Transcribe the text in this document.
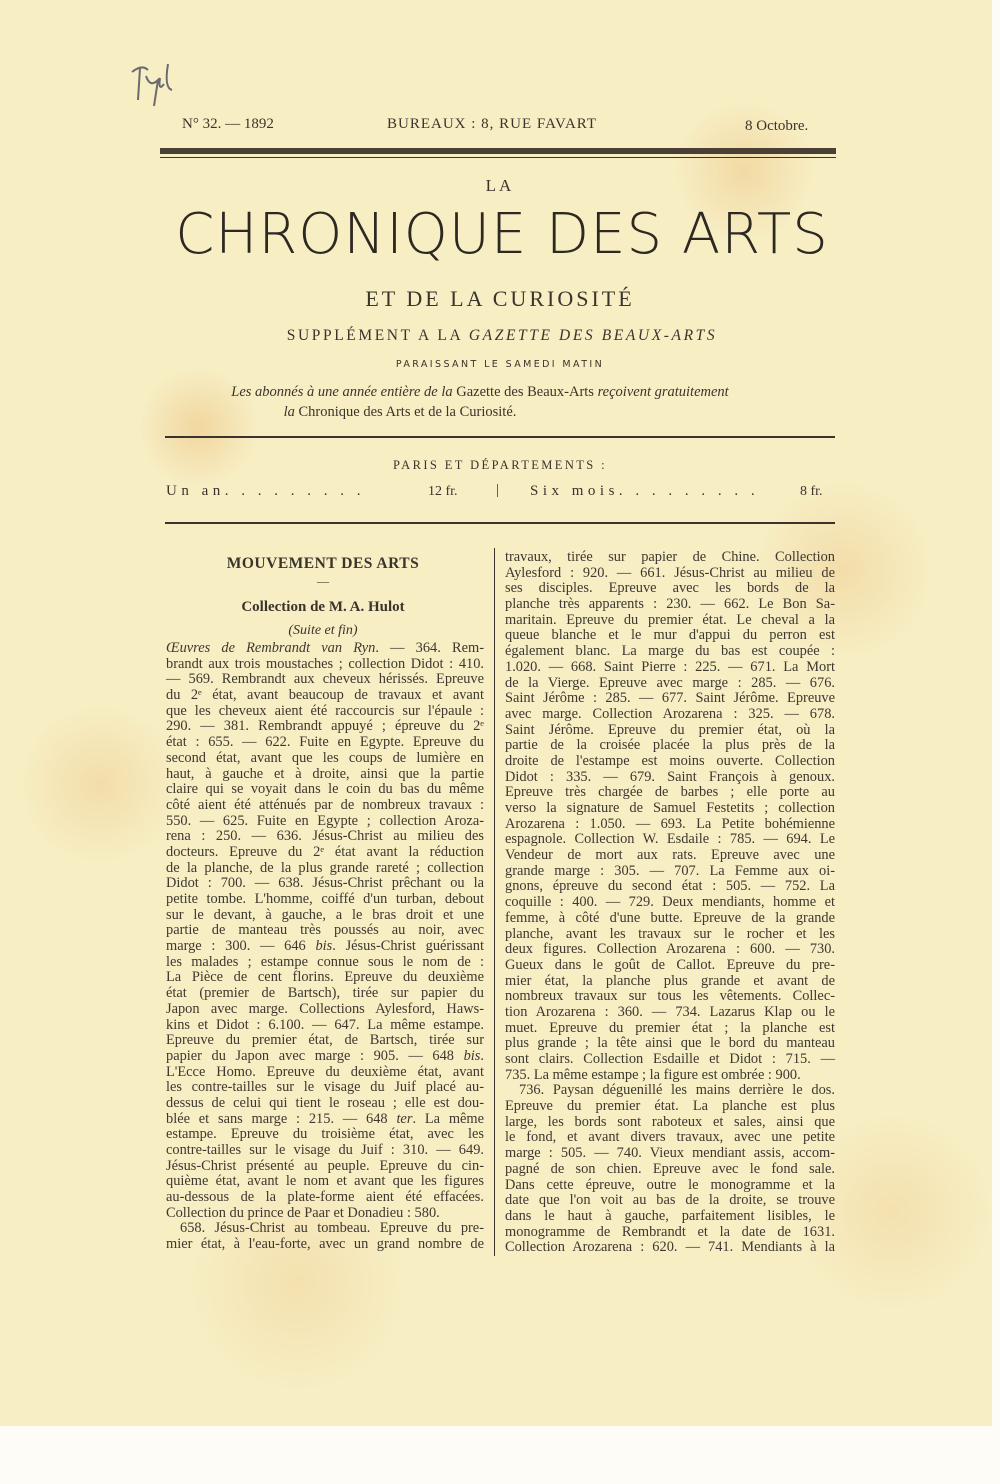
N° 32. — 1892	BUREAUX : 8, RUE FAVART	8 Octobre.
LA
CHRONIQUE DES ARTS
ET DE LA CURIOSITÉ
SUPPLÉMENT A LA GAZETTE DES BEAUX-ARTS
PARAISSANT LE SAMEDI MATIN
Les abonnés à une année entière de la Gazette des Beaux-Arts reçoivent gratuitement
la Chronique des Arts et de la Curiosité.
PARIS ET DÉPARTEMENTS :
Un an. . . . . . . . .	12 fr.	| Six mois. . . . . . . . .	8 fr.
MOUVEMENT DES ARTS
—
Collection de M. A. Hulot
(Suite et fin)
Œuvres de Rembrandt van Ryn. — 364. Rem-
brandt aux trois moustaches ; collection Didot : 410.
— 569. Rembrandt aux cheveux hérissés. Epreuve
du 2ᵉ état, avant beaucoup de travaux et avant
que les cheveux aient été raccourcis sur l'épaule :
290. — 381. Rembrandt appuyé ; épreuve du 2ᵉ
état : 655. — 622. Fuite en Egypte. Epreuve du
second état, avant que les coups de lumière en
haut, à gauche et à droite, ainsi que la partie
claire qui se voyait dans le coin du bas du même
côté aient été atténués par de nombreux travaux :
550. — 625. Fuite en Egypte ; collection Aroza-
rena : 250. — 636. Jésus-Christ au milieu des
docteurs. Epreuve du 2ᵉ état avant la réduction
de la planche, de la plus grande rareté ; collection
Didot : 700. — 638. Jésus-Christ prêchant ou la
petite tombe. L'homme, coiffé d'un turban, debout
sur le devant, à gauche, a le bras droit et une
partie de manteau très poussés au noir, avec
marge : 300. — 646 bis. Jésus-Christ guérissant
les malades ; estampe connue sous le nom de :
La Pièce de cent florins. Epreuve du deuxième
état (premier de Bartsch), tirée sur papier du
Japon avec marge. Collections Aylesford, Haws-
kins et Didot : 6.100. — 647. La même estampe.
Epreuve du premier état, de Bartsch, tirée sur
papier du Japon avec marge : 905. — 648 bis.
L'Ecce Homo. Epreuve du deuxième état, avant
les contre-tailles sur le visage du Juif placé au-
dessus de celui qui tient le roseau ; elle est dou-
blée et sans marge : 215. — 648 ter. La même
estampe. Epreuve du troisième état, avec les
contre-tailles sur le visage du Juif : 310. — 649.
Jésus-Christ présenté au peuple. Epreuve du cin-
quième état, avant le nom et avant que les figures
au-dessous de la plate-forme aient été effacées.
Collection du prince de Paar et Donadieu : 580.
658. Jésus-Christ au tombeau. Epreuve du pre-
mier état, à l'eau-forte, avec un grand nombre de
travaux, tirée sur papier de Chine. Collection
Aylesford : 920. — 661. Jésus-Christ au milieu de
ses disciples. Epreuve avec les bords de la
planche très apparents : 230. — 662. Le Bon Sa-
maritain. Epreuve du premier état. Le cheval a la
queue blanche et le mur d'appui du perron est
également blanc. La marge du bas est coupée :
1.020. — 668. Saint Pierre : 225. — 671. La Mort
de la Vierge. Epreuve avec marge : 285. — 676.
Saint Jérôme : 285. — 677. Saint Jérôme. Epreuve
avec marge. Collection Arozarena : 325. — 678.
Saint Jérôme. Epreuve du premier état, où la
partie de la croisée placée la plus près de la
droite de l'estampe est moins ouverte. Collection
Didot : 335. — 679. Saint François à genoux.
Epreuve très chargée de barbes ; elle porte au
verso la signature de Samuel Festetits ; collection
Arozarena : 1.050. — 693. La Petite bohémienne
espagnole. Collection W. Esdaile : 785. — 694. Le
Vendeur de mort aux rats. Epreuve avec une
grande marge : 305. — 707. La Femme aux oi-
gnons, épreuve du second état : 505. — 752. La
coquille : 400. — 729. Deux mendiants, homme et
femme, à côté d'une butte. Epreuve de la grande
planche, avant les travaux sur le rocher et les
deux figures. Collection Arozarena : 600. — 730.
Gueux dans le goût de Callot. Epreuve du pre-
mier état, la planche plus grande et avant de
nombreux travaux sur tous les vêtements. Collec-
tion Arozarena : 360. — 734. Lazarus Klap ou le
muet. Epreuve du premier état ; la planche est
plus grande ; la tête ainsi que le bord du manteau
sont clairs. Collection Esdaille et Didot : 715. —
735. La même estampe ; la figure est ombrée : 900.
736. Paysan déguenillé les mains derrière le dos.
Epreuve du premier état. La planche est plus
large, les bords sont raboteux et sales, ainsi que
le fond, et avant divers travaux, avec une petite
marge : 505. — 740. Vieux mendiant assis, accom-
pagné de son chien. Epreuve avec le fond sale.
Dans cette épreuve, outre le monogramme et la
date que l'on voit au bas de la droite, se trouve
dans le haut à gauche, parfaitement lisibles, le
monogramme de Rembrandt et la date de 1631.
Collection Arozarena : 620. — 741. Mendiants à la
